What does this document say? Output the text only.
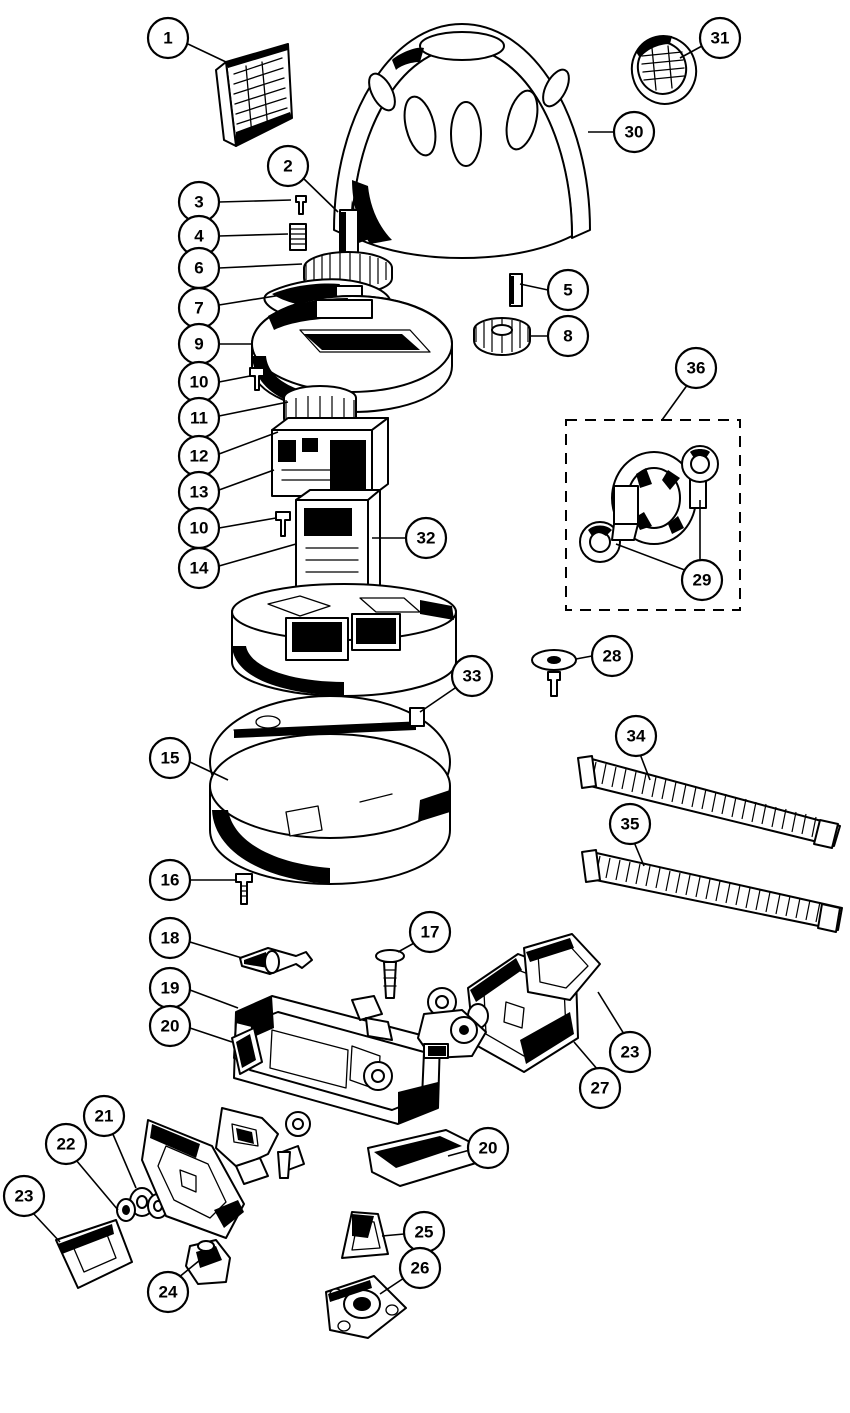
1
2
3
4
5
6
7
8
9
10
11
12
13
10
14
32
33
15
16
28
29
36
30
31
34
35
17
18
19
20
20
21
22
23
24
25
26
27
23
